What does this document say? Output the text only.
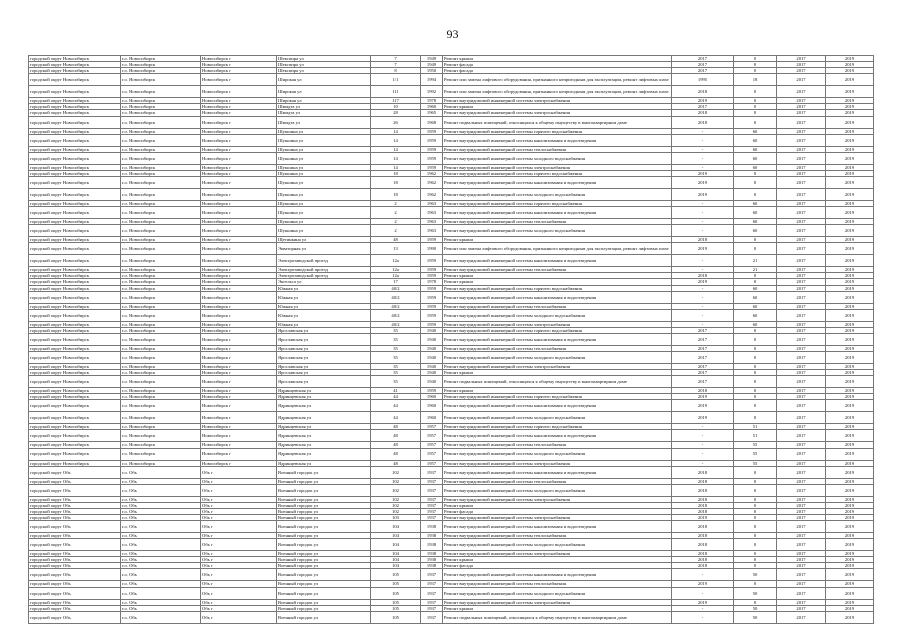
93
городской округ Новосибирск	г.о. Новосибирск	Новосибирск г	Шекспира ул	7	1949	Ремонт крыши	2017	0	2017	2019
городской округ Новосибирск	г.о. Новосибирск	Новосибирск г	Шекспира ул	7	1949	Ремонт фасада	2017	0	2017	2019
городской округ Новосибирск	г.о. Новосибирск	Новосибирск г	Шекспира ул	8	1950	Ремонт фасада	2017	0	2017	2019
городской округ Новосибирск	г.о. Новосибирск	Новосибирск г	Широкая ул	1/1	1994	Ремонт или замена лифтового оборудования, признанного непригодным для эксплуатации, ремонт лифтовых шахт	1995	18	2017	2019
городской округ Новосибирск	г.о. Новосибирск	Новосибирск г	Широкая ул	111	1992	Ремонт или замена лифтового оборудования, признанного непригодным для эксплуатации, ремонт лифтовых шахт	2018	0	2017	2019
городской округ Новосибирск	г.о. Новосибирск	Новосибирск г	Широкая ул	117	1978	Ремонт внутридомовой инженерной системы электроснабжения	2019	0	2017	2019
городской округ Новосибирск	г.о. Новосибирск	Новосибирск г	Шмидта ул	10	1960	Ремонт крыши	2017	0	2017	2019
городской округ Новосибирск	г.о. Новосибирск	Новосибирск г	Шмидта ул	28	1965	Ремонт внутридомовой инженерной системы электроснабжения	2018	0	2017	2019
городской округ Новосибирск	г.о. Новосибирск	Новосибирск г	Шмидта ул	26	1968	Ремонт подвальных помещений, относящихся к общему имуществу в многоквартирном доме	2018	0	2017	2019
городской округ Новосибирск	г.о. Новосибирск	Новосибирск г	Шукшина ул	14	1959	Ремонт внутридомовой инженерной системы горячего водоснабжения	-	60	2017	2019
городской округ Новосибирск	г.о. Новосибирск	Новосибирск г	Шукшина ул	14	1959	Ремонт внутридомовой инженерной системы канализования и водоотведения	-	60	2017	2019
городской округ Новосибирск	г.о. Новосибирск	Новосибирск г	Шукшина ул	14	1959	Ремонт внутридомовой инженерной системы теплоснабжения	-	60	2017	2019
городской округ Новосибирск	г.о. Новосибирск	Новосибирск г	Шукшина ул	14	1959	Ремонт внутридомовой инженерной системы холодного водоснабжения	-	60	2017	2019
городской округ Новосибирск	г.о. Новосибирск	Новосибирск г	Шукшина ул	14	1959	Ремонт внутридомовой инженерной системы электроснабжения	-	60	2017	2019
городской округ Новосибирск	г.о. Новосибирск	Новосибирск г	Шукшина ул	18	1962	Ремонт внутридомовой инженерной системы горячего водоснабжения	2019	0	2017	2019
городской округ Новосибирск	г.о. Новосибирск	Новосибирск г	Шукшина ул	18	1962	Ремонт внутридомовой инженерной системы канализования и водоотведения	2019	0	2017	2019
городской округ Новосибирск	г.о. Новосибирск	Новосибирск г	Шукшина ул	18	1962	Ремонт внутридомовой инженерной системы холодного водоснабжения	2019	0	2017	2019
городской округ Новосибирск	г.о. Новосибирск	Новосибирск г	Шукшина ул	2	1963	Ремонт внутридомовой инженерной системы горячего водоснабжения	-	60	2017	2019
городской округ Новосибирск	г.о. Новосибирск	Новосибирск г	Шукшина ул	2	1963	Ремонт внутридомовой инженерной системы канализования и водоотведения	-	60	2017	2019
городской округ Новосибирск	г.о. Новосибирск	Новосибирск г	Шукшина ул	2	1963	Ремонт внутридомовой инженерной системы теплоснабжения	-	60	2017	2019
городской округ Новосибирск	г.о. Новосибирск	Новосибирск г	Шукшина ул	2	1963	Ремонт внутридомовой инженерной системы холодного водоснабжения	-	60	2017	2019
городской округ Новосибирск	г.о. Новосибирск	Новосибирск г	Щетинкина ул	48	1959	Ремонт крыши	2018	0	2017	2019
городской округ Новосибирск	г.о. Новосибирск	Новосибирск г	Экваторная ул	13	1990	Ремонт или замена лифтового оборудования, признанного непригодным для эксплуатации, ремонт лифтовых шахт	2019	0	2017	2019
городской округ Новосибирск	г.о. Новосибирск	Новосибирск г	Электрозаводской проезд	12а	1959	Ремонт внутридомовой инженерной системы канализования и водоотведения	-	21	2017	2019
городской округ Новосибирск	г.о. Новосибирск	Новосибирск г	Электрозаводской проезд	12а	1959	Ремонт внутридомовой инженерной системы теплоснабжения	-	21	2017	2019
городской округ Новосибирск	г.о. Новосибирск	Новосибирск г	Электрозаводской проезд	12а	1959	Ремонт крыши	2018	0	2017	2019
городской округ Новосибирск	г.о. Новосибирск	Новосибирск г	Энгельса ул	17	1978	Ремонт крыши	2019	0	2017	2019
городской округ Новосибирск	г.о. Новосибирск	Новосибирск г	Южная ул	40/2	1959	Ремонт внутридомовой инженерной системы горячего водоснабжения	-	60	2017	2019
городской округ Новосибирск	г.о. Новосибирск	Новосибирск г	Южная ул	40/2	1959	Ремонт внутридомовой инженерной системы канализования и водоотведения	-	60	2017	2019
городской округ Новосибирск	г.о. Новосибирск	Новосибирск г	Южная ул	40/2	1959	Ремонт внутридомовой инженерной системы теплоснабжения	-	60	2017	2019
городской округ Новосибирск	г.о. Новосибирск	Новосибирск г	Южная ул	40/2	1959	Ремонт внутридомовой инженерной системы холодного водоснабжения	-	60	2017	2019
городской округ Новосибирск	г.о. Новосибирск	Новосибирск г	Южная ул	40/2	1959	Ремонт внутридомовой инженерной системы электроснабжения	-	60	2017	2019
городской округ Новосибирск	г.о. Новосибирск	Новосибирск г	Ярославская ул	35	1940	Ремонт внутридомовой инженерной системы горячего водоснабжения	2017	0	2017	2019
городской округ Новосибирск	г.о. Новосибирск	Новосибирск г	Ярославская ул	35	1940	Ремонт внутридомовой инженерной системы канализования и водоотведения	2017	0	2017	2019
городской округ Новосибирск	г.о. Новосибирск	Новосибирск г	Ярославская ул	35	1940	Ремонт внутридомовой инженерной системы теплоснабжения	2017	0	2017	2019
городской округ Новосибирск	г.о. Новосибирск	Новосибирск г	Ярославская ул	35	1940	Ремонт внутридомовой инженерной системы холодного водоснабжения	2017	0	2017	2019
городской округ Новосибирск	г.о. Новосибирск	Новосибирск г	Ярославская ул	35	1940	Ремонт внутридомовой инженерной системы электроснабжения	2017	0	2017	2019
городской округ Новосибирск	г.о. Новосибирск	Новосибирск г	Ярославская ул	35	1940	Ремонт крыши	2017	0	2017	2019
городской округ Новосибирск	г.о. Новосибирск	Новосибирск г	Ярославская ул	35	1940	Ремонт подвальных помещений, относящихся к общему имуществу в многоквартирном доме	2017	0	2017	2019
городской округ Новосибирск	г.о. Новосибирск	Новосибирск г	Ядринцевская ул	41	1959	Ремонт крыши	2018	0	2017	2019
городской округ Новосибирск	г.о. Новосибирск	Новосибирск г	Ядринцевская ул	44	1960	Ремонт внутридомовой инженерной системы горячего водоснабжения	2019	0	2017	2019
городской округ Новосибирск	г.о. Новосибирск	Новосибирск г	Ядринцевская ул	44	1960	Ремонт внутридомовой инженерной системы канализования и водоотведения	2019	0	2017	2019
городской округ Новосибирск	г.о. Новосибирск	Новосибирск г	Ядринцевская ул	44	1960	Ремонт внутридомовой инженерной системы холодного водоснабжения	2019	0	2017	2019
городской округ Новосибирск	г.о. Новосибирск	Новосибирск г	Ядринцевская ул	48	1957	Ремонт внутридомовой инженерной системы горячего водоснабжения	-	51	2017	2019
городской округ Новосибирск	г.о. Новосибирск	Новосибирск г	Ядринцевская ул	48	1957	Ремонт внутридомовой инженерной системы канализования и водоотведения	-	51	2017	2019
городской округ Новосибирск	г.о. Новосибирск	Новосибирск г	Ядринцевская ул	48	1957	Ремонт внутридомовой инженерной системы теплоснабжения	-	55	2017	2019
городской округ Новосибирск	г.о. Новосибирск	Новосибирск г	Ядринцевская ул	48	1957	Ремонт внутридомовой инженерной системы холодного водоснабжения	-	55	2017	2019
городской округ Новосибирск	г.о. Новосибирск	Новосибирск г	Ядринцевская ул	48	1957	Ремонт внутридомовой инженерной системы электроснабжения	-	55	2017	2019
городской округ Обь	г.о. Обь	Обь г	Военный городок ул	102	1937	Ремонт внутридомовой инженерной системы канализования и водоотведения	2018	0	2017	2019
городской округ Обь	г.о. Обь	Обь г	Военный городок ул	102	1937	Ремонт внутридомовой инженерной системы теплоснабжения	2018	0	2017	2019
городской округ Обь	г.о. Обь	Обь г	Военный городок ул	102	1937	Ремонт внутридомовой инженерной системы холодного водоснабжения	2018	0	2017	2019
городской округ Обь	г.о. Обь	Обь г	Военный городок ул	102	1937	Ремонт внутридомовой инженерной системы электроснабжения	2018	0	2017	2019
городской округ Обь	г.о. Обь	Обь г	Военный городок ул	102	1937	Ремонт крыши	2018	0	2017	2019
городской округ Обь	г.о. Обь	Обь г	Военный городок ул	102	1937	Ремонт фасада	2018	0	2017	2019
городской округ Обь	г.о. Обь	Обь г	Военный городок ул	103	1937	Ремонт внутридомовой инженерной системы электроснабжения	2019	0	2017	2019
городской округ Обь	г.о. Обь	Обь г	Военный городок ул	104	1938	Ремонт внутридомовой инженерной системы канализования и водоотведения	2018	0	2017	2019
городской округ Обь	г.о. Обь	Обь г	Военный городок ул	104	1938	Ремонт внутридомовой инженерной системы теплоснабжения	2018	0	2017	2019
городской округ Обь	г.о. Обь	Обь г	Военный городок ул	104	1938	Ремонт внутридомовой инженерной системы холодного водоснабжения	2018	0	2017	2019
городской округ Обь	г.о. Обь	Обь г	Военный городок ул	104	1938	Ремонт внутридомовой инженерной системы электроснабжения	2018	0	2017	2019
городской округ Обь	г.о. Обь	Обь г	Военный городок ул	104	1938	Ремонт крыши	2018	0	2017	2019
городской округ Обь	г.о. Обь	Обь г	Военный городок ул	104	1938	Ремонт фасада	2018	0	2017	2019
городской округ Обь	г.о. Обь	Обь г	Военный городок ул	105	1937	Ремонт внутридомовой инженерной системы канализования и водоотведения	-	50	2017	2019
городской округ Обь	г.о. Обь	Обь г	Военный городок ул	105	1937	Ремонт внутридомовой инженерной системы теплоснабжения	2019	0	2017	2019
городской округ Обь	г.о. Обь	Обь г	Военный городок ул	105	1937	Ремонт внутридомовой инженерной системы холодного водоснабжения	-	50	2017	2019
городской округ Обь	г.о. Обь	Обь г	Военный городок ул	105	1937	Ремонт внутридомовой инженерной системы электроснабжения	2019	0	2017	2019
городской округ Обь	г.о. Обь	Обь г	Военный городок ул	105	1937	Ремонт крыши	-	50	2017	2019
городской округ Обь	г.о. Обь	Обь г	Военный городок ул	105	1937	Ремонт подвальных помещений, относящихся к общему имуществу в многоквартирном доме	-	50	2017	2019
